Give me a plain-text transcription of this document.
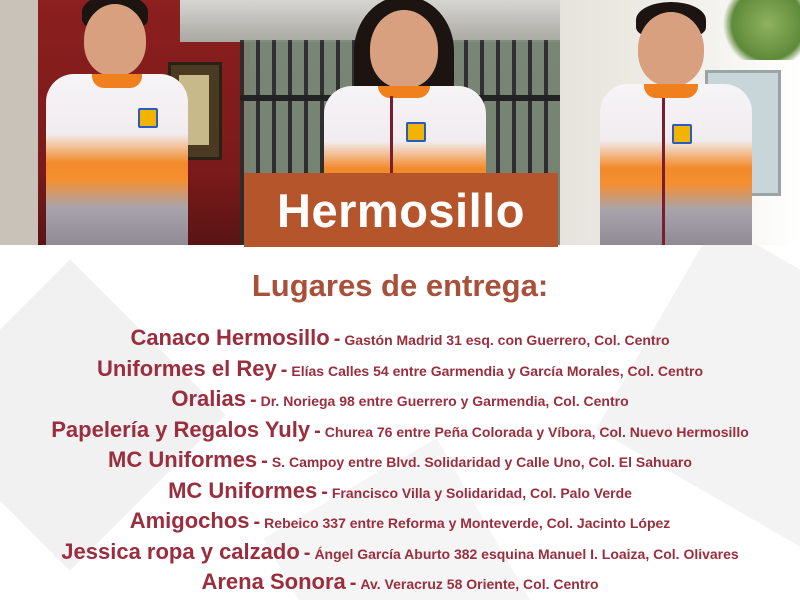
Hermosillo
Lugares de entrega:
Canaco Hermosillo - Gastón Madrid 31 esq. con Guerrero, Col. Centro
Uniformes el Rey - Elías Calles 54 entre Garmendia y García Morales, Col. Centro
Oralias - Dr. Noriega 98 entre Guerrero y Garmendia, Col. Centro
Papelería y Regalos Yuly - Churea 76 entre Peña Colorada y Víbora, Col. Nuevo Hermosillo
MC Uniformes - S. Campoy entre Blvd. Solidaridad y Calle Uno, Col. El Sahuaro
MC Uniformes - Francisco Villa y Solidaridad, Col. Palo Verde
Amigochos - Rebeico 337 entre Reforma y Monteverde, Col. Jacinto López
Jessica ropa y calzado - Ángel García Aburto 382 esquina Manuel I. Loaiza, Col. Olivares
Arena Sonora - Av. Veracruz 58 Oriente, Col. Centro
